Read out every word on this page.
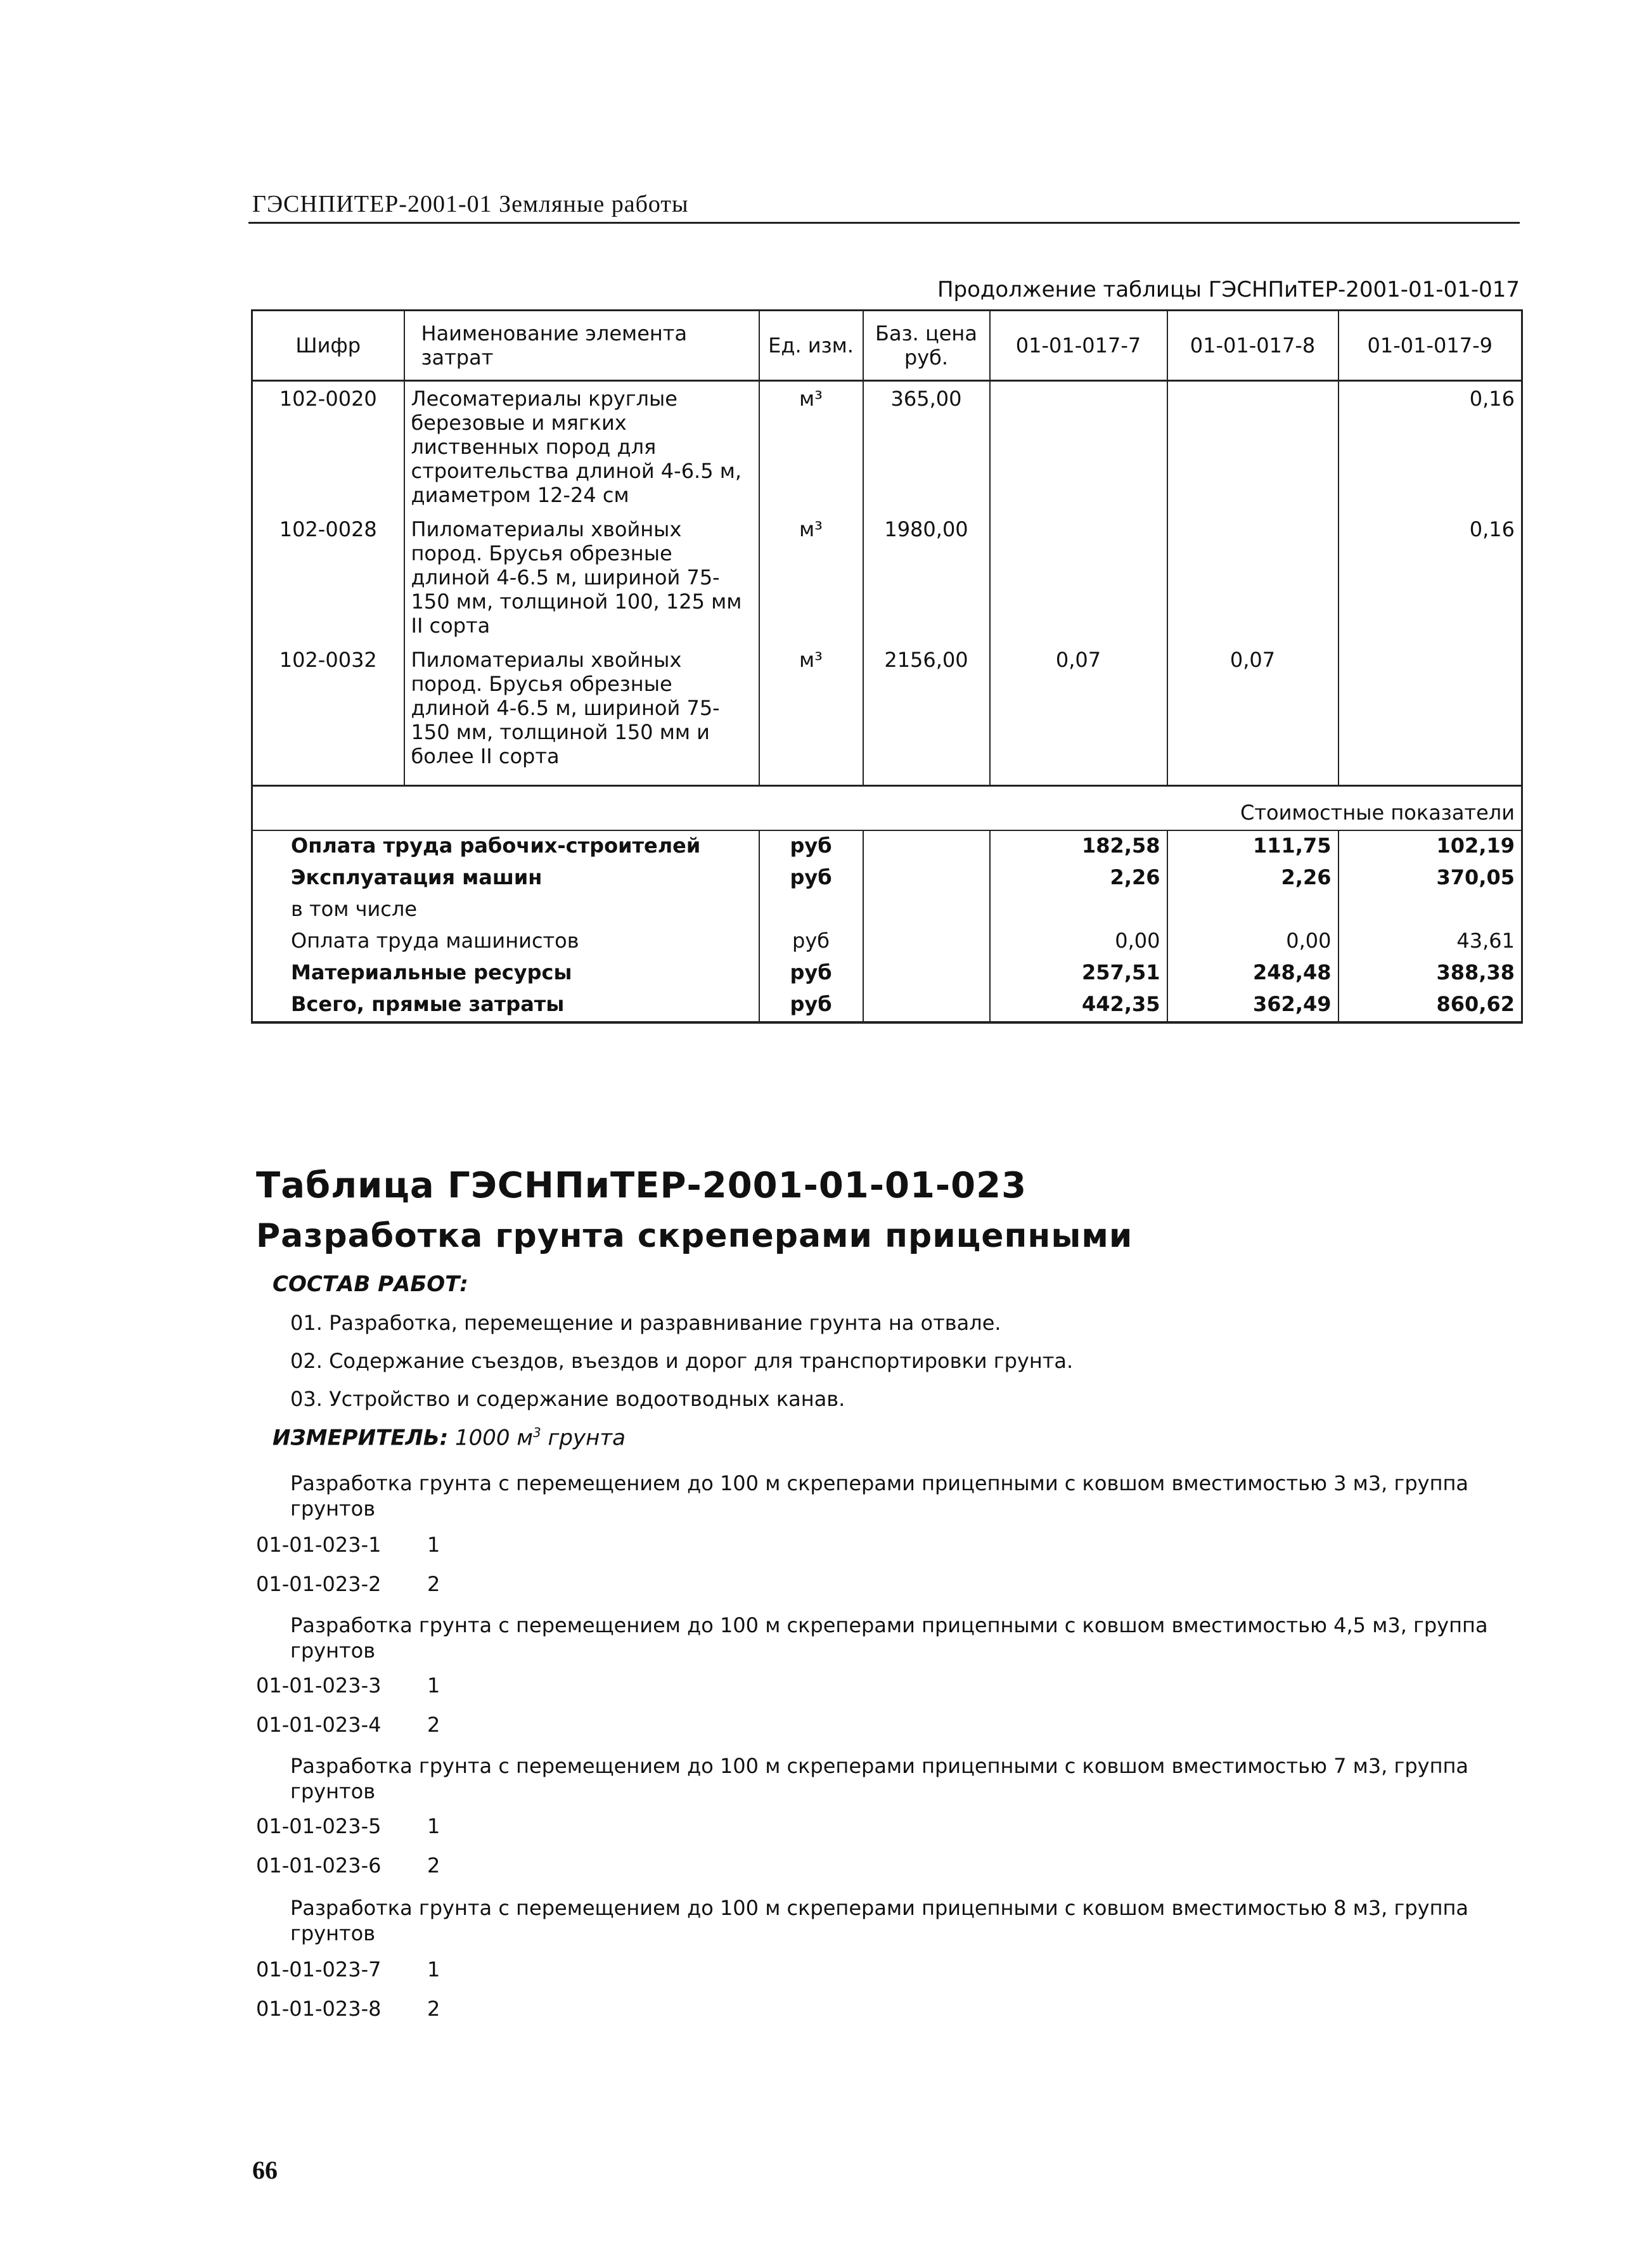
ГЭСНПИТЕР-2001-01 Земляные работы
Продолжение таблицы ГЭСНПиТЕР-2001-01-01-017
Шифр	Наименование элемента затрат	Ед. изм.	Баз. цена руб.	01-01-017-7	01-01-017-8	01-01-017-9
102-0020	Лесоматериалы круглые березовые и мягких лиственных пород для строительства длиной 4-6.5 м, диаметром 12-24 см	м³	365,00			0,16
102-0028	Пиломатериалы хвойных пород. Брусья обрезные длиной 4-6.5 м, шириной 75-150 мм, толщиной 100, 125 мм II сорта	м³	1980,00			0,16
102-0032	Пиломатериалы хвойных пород. Брусья обрезные длиной 4-6.5 м, шириной 75-150 мм, толщиной 150 мм и более II сорта	м³	2156,00	0,07	0,07	

Стоимостные показатели						
Оплата труда рабочих-строителей		руб		182,58	111,75	102,19
Эксплуатация машин		руб		2,26	2,26	370,05
в том числе						
Оплата труда машинистов		руб		0,00	0,00	43,61
Материальные ресурсы		руб		257,51	248,48	388,38
Всего, прямые затраты		руб		442,35	362,49	860,62
Таблица ГЭСНПиТЕР-2001-01-01-023
Разработка грунта скреперами прицепными
СОСТАВ РАБОТ:
01. Разработка, перемещение и разравнивание грунта на отвале.
02. Содержание съездов, въездов и дорог для транспортировки грунта.
03. Устройство и содержание водоотводных канав.
ИЗМЕРИТЕЛЬ: 1000 $м^3$ грунта
Разработка грунта с перемещением до 100 м скреперами прицепными с ковшом вместимостью 3 м3, группа грунтов
01-01-023-1 1
01-01-023-2 2
Разработка грунта с перемещением до 100 м скреперами прицепными с ковшом вместимостью 4,5 м3, группа грунтов
01-01-023-3 1
01-01-023-4 2
Разработка грунта с перемещением до 100 м скреперами прицепными с ковшом вместимостью 7 м3, группа грунтов
01-01-023-5 1
01-01-023-6 2
Разработка грунта с перемещением до 100 м скреперами прицепными с ковшом вместимостью 8 м3, группа грунтов
01-01-023-7 1
01-01-023-8 2
66
